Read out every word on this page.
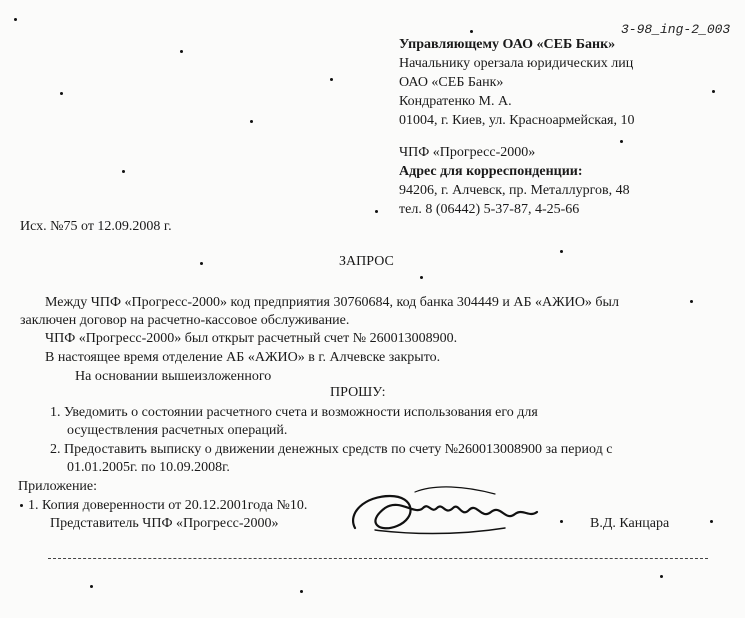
3-98_ing-2_003
Управляющему ОАО «СЕБ Банк»
Начальнику operзала юридических лиц
ОАО «СЕБ Банк»
Кондратенко М. А.
01004, г. Киев, ул. Красноармейская, 10
ЧПФ «Прогресс-2000»
Адрес для корреспонденции:
94206, г. Алчевск, пр. Металлургов, 48
тел. 8 (06442) 5-37-87, 4-25-66
Исх. №75 от 12.09.2008 г.
ЗАПРОС
Между ЧПФ «Прогресс-2000» код предприятия 30760684, код банка 304449 и АБ «АЖИО» был
заключен договор на расчетно-кассовое обслуживание.
ЧПФ «Прогресс-2000» был открыт расчетный счет № 260013008900.
В настоящее время отделение АБ «АЖИО» в г. Алчевске закрыто.
На основании вышеизложенного
ПРОШУ:
1. Уведомить о состоянии расчетного счета и возможности использования его для
осуществления расчетных операций.
2. Предоставить выписку о движении денежных средств по счету №260013008900 за период с
01.01.2005г. по 10.09.2008г.
Приложение:
1. Копия доверенности от 20.12.2001года №10.
Представитель ЧПФ «Прогресс-2000»	В.Д. Канцара
